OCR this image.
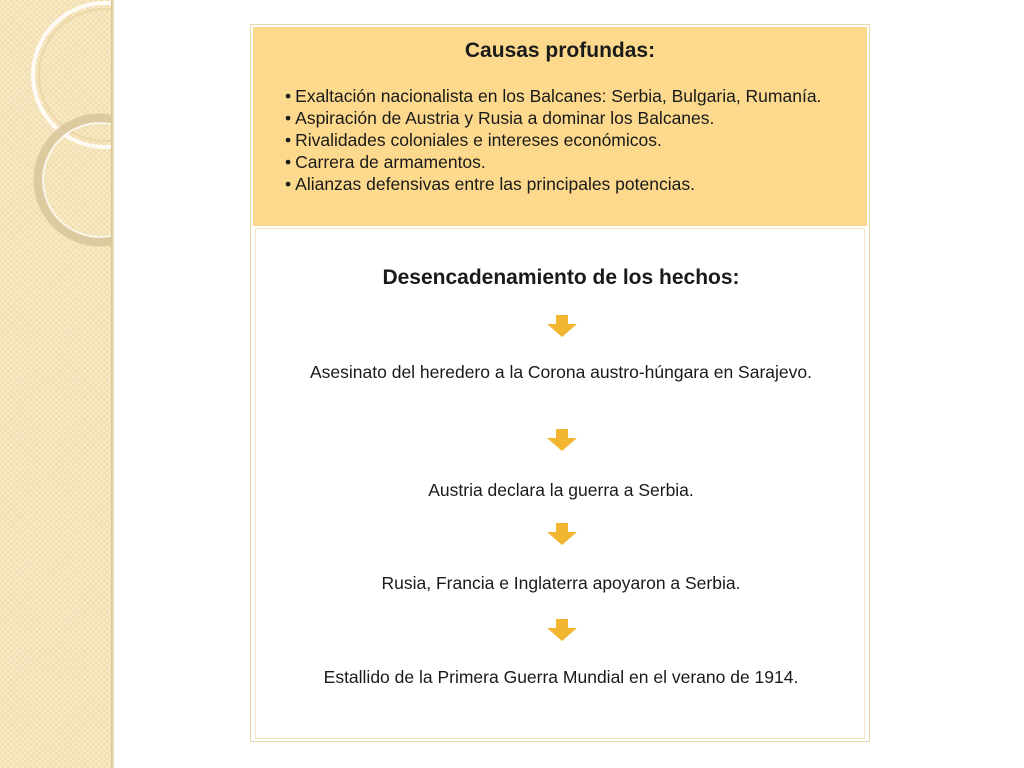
Causas profundas:
• Exaltación nacionalista en los Balcanes: Serbia, Bulgaria, Rumanía.
• Aspiración de Austria y Rusia a dominar los Balcanes.
• Rivalidades coloniales e intereses económicos.
• Carrera de armamentos.
• Alianzas defensivas entre las principales potencias.
Desencadenamiento de los hechos:
Asesinato del heredero a la Corona austro-húngara en Sarajevo.
Austria declara la guerra a Serbia.
Rusia, Francia e Inglaterra apoyaron a Serbia.
Estallido de la Primera Guerra Mundial en el verano de 1914.
